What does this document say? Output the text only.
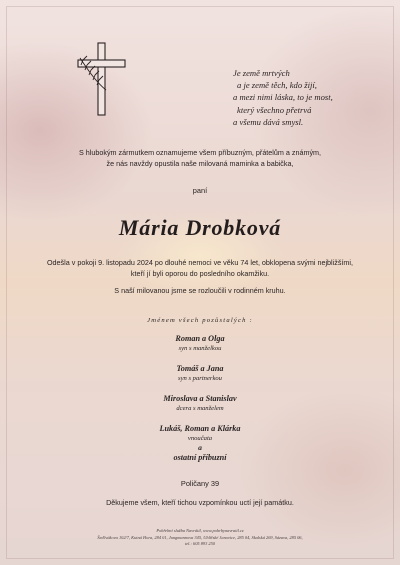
Je země mrtvých
a je země těch, kdo žijí,
a mezi nimi láska, to je most,
který všechno přetrvá
a všemu dává smysl.
S hlubokým zármutkem oznamujeme všem příbuzným, přátelům a známým,
že nás navždy opustila naše milovaná maminka a babička,
paní
Mária Drobková
Odešla v pokoji 9. listopadu 2024 po dlouhé nemoci ve věku 74 let, obklopena svými nejbližšími,
kteří jí byli oporou do posledního okamžiku.
S naší milovanou jsme se rozloučili v rodinném kruhu.
Jménem všech pozůstalých :
Roman a Olga
syn s manželkou
Tomáš a Jana
syn s partnerkou
Miroslava a Stanislav
dcera s manželem
Lukáš, Roman a Klárka
vnoučata
a
ostatní příbuzní
Poličany 39
Děkujeme všem, kteří tichou vzpomínkou uctí její památku.
Pohřební služba Navrátil, www.pohrbynavratil.cz
Šeďivákova 102/7, Kutná Hora, 284 01, Jungmannova 345, Uhlířské Janovice, 285 04, Skalská 269, Sázava, 285 06,
tel.: 605 893 250
